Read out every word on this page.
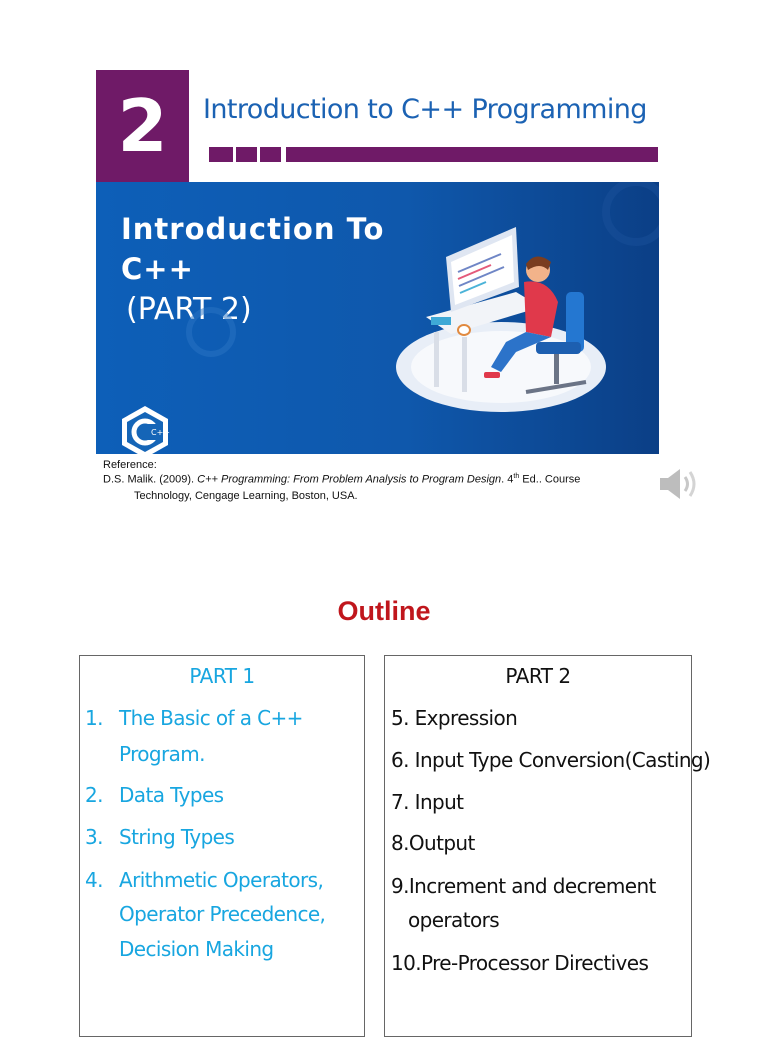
2	Introduction to C++ Programming
Introduction To
C++
(PART 2)
C++
Reference:
D.S. Malik. (2009). C++ Programming: From Problem Analysis to Program Design. 4th Ed.. Course
Technology, Cengage Learning, Boston, USA.
Outline
PART 1
1. The Basic of a C++
Program.
2. Data Types
3. String Types
4. Arithmetic Operators,
Operator Precedence,
Decision Making
PART 2
5. Expression
6. Input Type Conversion(Casting)
7. Input
8.Output
9.Increment and decrement
operators
10.Pre-Processor Directives
